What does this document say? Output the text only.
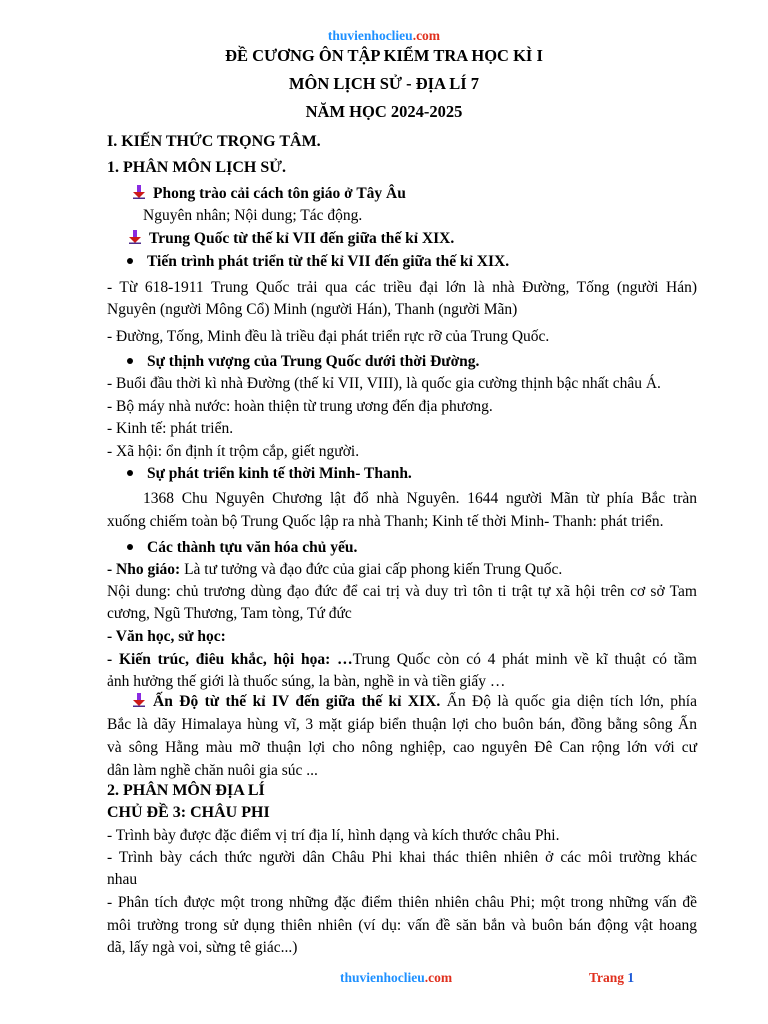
thuvienhoclieu.com
ĐỀ CƯƠNG ÔN TẬP KIỂM TRA HỌC KÌ I
MÔN LỊCH SỬ - ĐỊA LÍ 7
NĂM HỌC 2024-2025
I. KIẾN THỨC TRỌNG TÂM.
1. PHÂN MÔN LỊCH SỬ.
Phong trào cải cách tôn giáo ở Tây Âu
Nguyên nhân; Nội dung; Tác động.
Trung Quốc từ thế kỉ VII đến giữa thế kỉ XIX.
Tiến trình phát triển từ thế kỉ VII đến giữa thế kỉ XIX.
- Từ 618-1911 Trung Quốc trải qua các triều đại lớn là nhà Đường, Tống (người Hán)
Nguyên (người Mông Cổ) Minh (người Hán), Thanh (người Mãn)
- Đường, Tống, Minh đều là triều đại phát triển rực rỡ của Trung Quốc.
Sự thịnh vượng của Trung Quốc dưới thời Đường.
- Buổi đầu thời kì nhà Đường (thế kỉ VII, VIII), là quốc gia cường thịnh bậc nhất châu Á.
- Bộ máy nhà nước: hoàn thiện từ trung ương đến địa phương.
- Kinh tế: phát triển.
- Xã hội: ổn định ít trộm cắp, giết người.
Sự phát triển kinh tế thời Minh- Thanh.
1368 Chu Nguyên Chương lật đổ nhà Nguyên. 1644 người Mãn từ phía Bắc tràn
xuống chiếm toàn bộ Trung Quốc lập ra nhà Thanh; Kinh tế thời Minh- Thanh: phát triển.
Các thành tựu văn hóa chủ yếu.
- Nho giáo: Là tư tưởng và đạo đức của giai cấp phong kiến Trung Quốc.
Nội dung: chủ trương dùng đạo đức để cai trị và duy trì tôn ti trật tự xã hội trên cơ sở Tam
cương, Ngũ Thương, Tam tòng, Tứ đức
- Văn học, sử học:
- Kiến trúc, điêu khắc, hội họa: …Trung Quốc còn có 4 phát minh về kĩ thuật có tầm
ảnh hưởng thế giới là thuốc súng, la bàn, nghề in và tiền giấy …
Ấn Độ từ thế kỉ IV đến giữa thế kỉ XIX. Ấn Độ là quốc gia diện tích lớn, phía
Bắc là dãy Himalaya hùng vĩ, 3 mặt giáp biển thuận lợi cho buôn bán, đồng bằng sông Ấn
và sông Hằng màu mỡ thuận lợi cho nông nghiệp, cao nguyên Đê Can rộng lớn với cư
dân làm nghề chăn nuôi gia súc ...
2. PHÂN MÔN ĐỊA LÍ
CHỦ ĐỀ 3: CHÂU PHI
- Trình bày được đặc điểm vị trí địa lí, hình dạng và kích thước châu Phi.
- Trình bày cách thức người dân Châu Phi khai thác thiên nhiên ở các môi trường khác
nhau
- Phân tích được một trong những đặc điểm thiên nhiên châu Phi; một trong những vấn đề
môi trường trong sử dụng thiên nhiên (ví dụ: vấn đề săn bắn và buôn bán động vật hoang
dã, lấy ngà voi, sừng tê giác...)
thuvienhoclieu.com	Trang 1
